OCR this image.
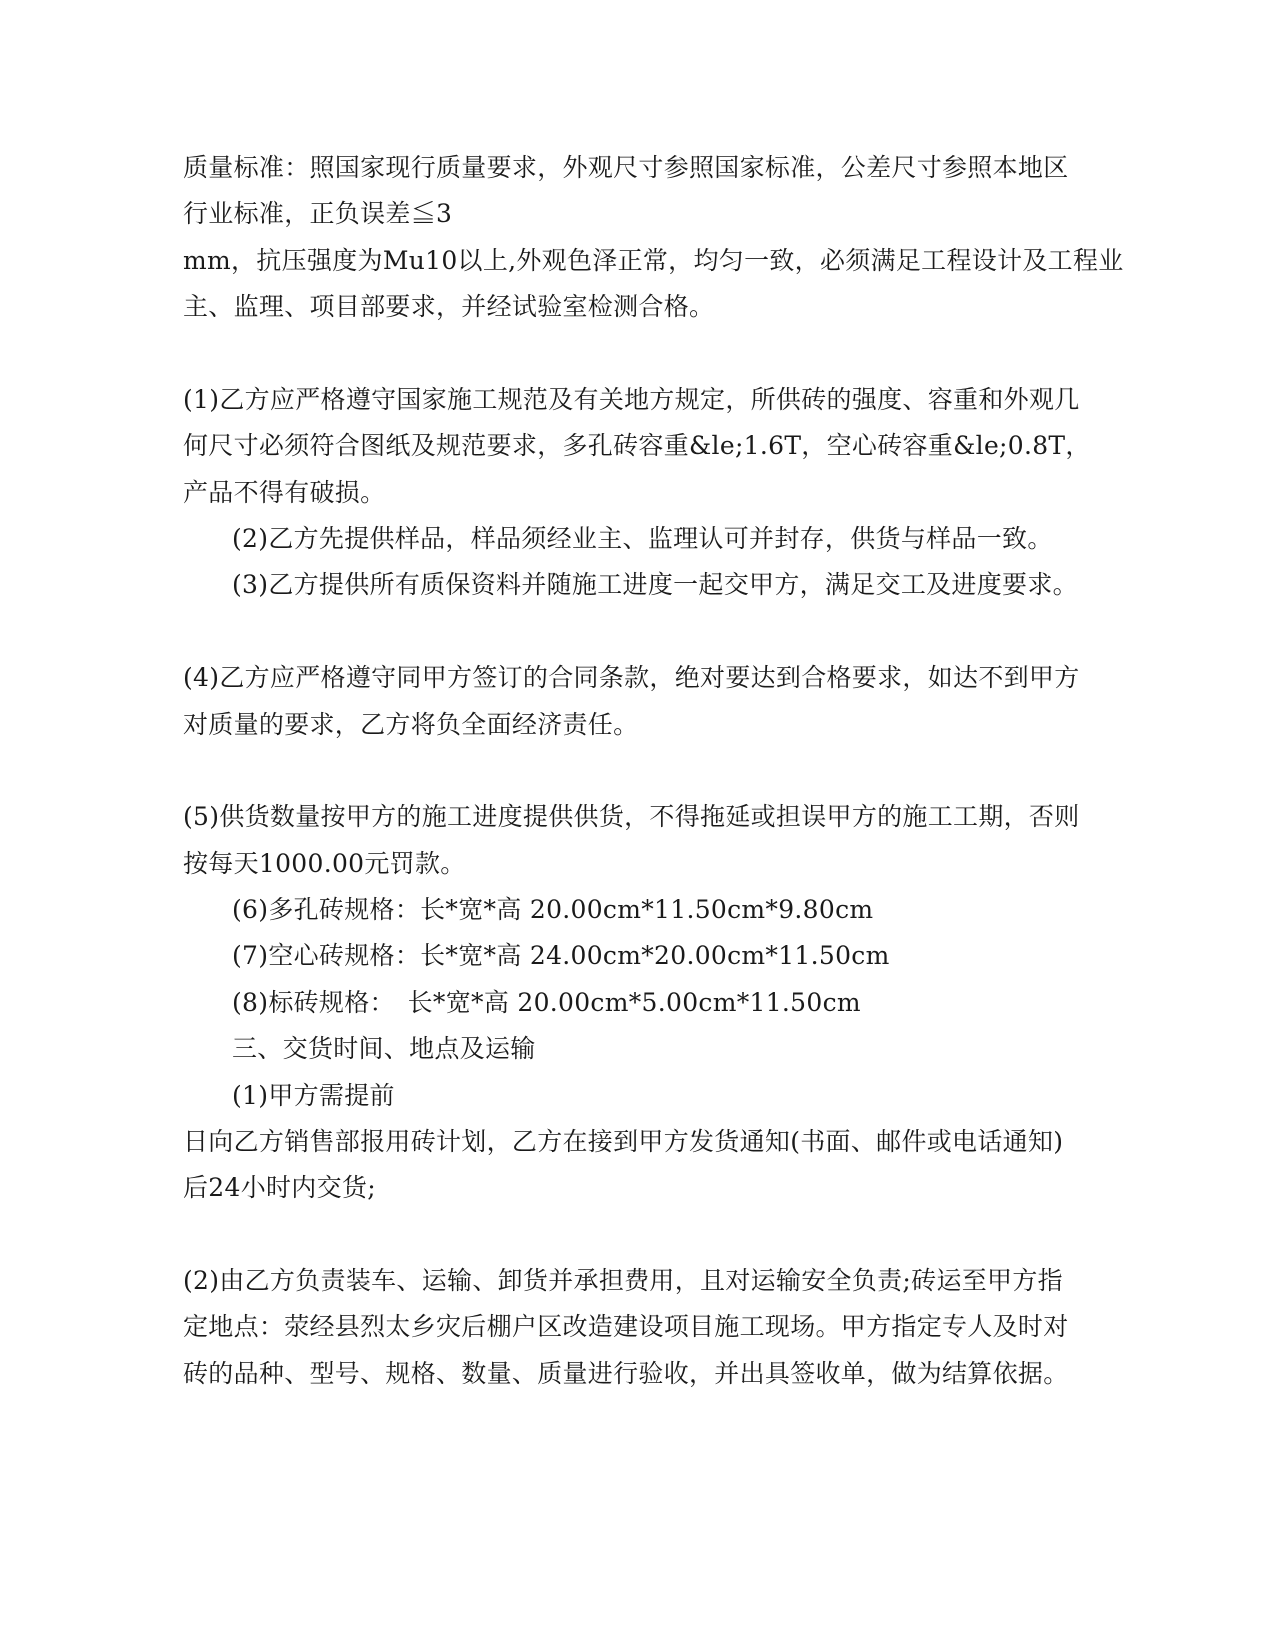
质量标准：照国家现行质量要求，外观尺寸参照国家标准，公差尺寸参照本地区

行业标准，正负误差≦3

mm，抗压强度为Mu10以上,外观色泽正常，均匀一致，必须满足工程设计及工程业

主、监理、项目部要求，并经试验室检测合格。

(1)乙方应严格遵守国家施工规范及有关地方规定，所供砖的强度、容重和外观几

何尺寸必须符合图纸及规范要求，多孔砖容重&le;1.6T，空心砖容重&le;0.8T，

产品不得有破损。

(2)乙方先提供样品，样品须经业主、监理认可并封存，供货与样品一致。

(3)乙方提供所有质保资料并随施工进度一起交甲方，满足交工及进度要求。

(4)乙方应严格遵守同甲方签订的合同条款，绝对要达到合格要求，如达不到甲方

对质量的要求，乙方将负全面经济责任。

(5)供货数量按甲方的施工进度提供供货，不得拖延或担误甲方的施工工期，否则

按每天1000.00元罚款。

(6)多孔砖规格：长*宽*高 20.00cm*11.50cm*9.80cm

(7)空心砖规格：长*宽*高 24.00cm*20.00cm*11.50cm

(8)标砖规格：　长*宽*高 20.00cm*5.00cm*11.50cm

三、交货时间、地点及运输

(1)甲方需提前

日向乙方销售部报用砖计划，乙方在接到甲方发货通知(书面、邮件或电话通知)

后24小时内交货;

(2)由乙方负责装车、运输、卸货并承担费用，且对运输安全负责;砖运至甲方指

定地点：荥经县烈太乡灾后棚户区改造建设项目施工现场。甲方指定专人及时对

砖的品种、型号、规格、数量、质量进行验收，并出具签收单，做为结算依据。
